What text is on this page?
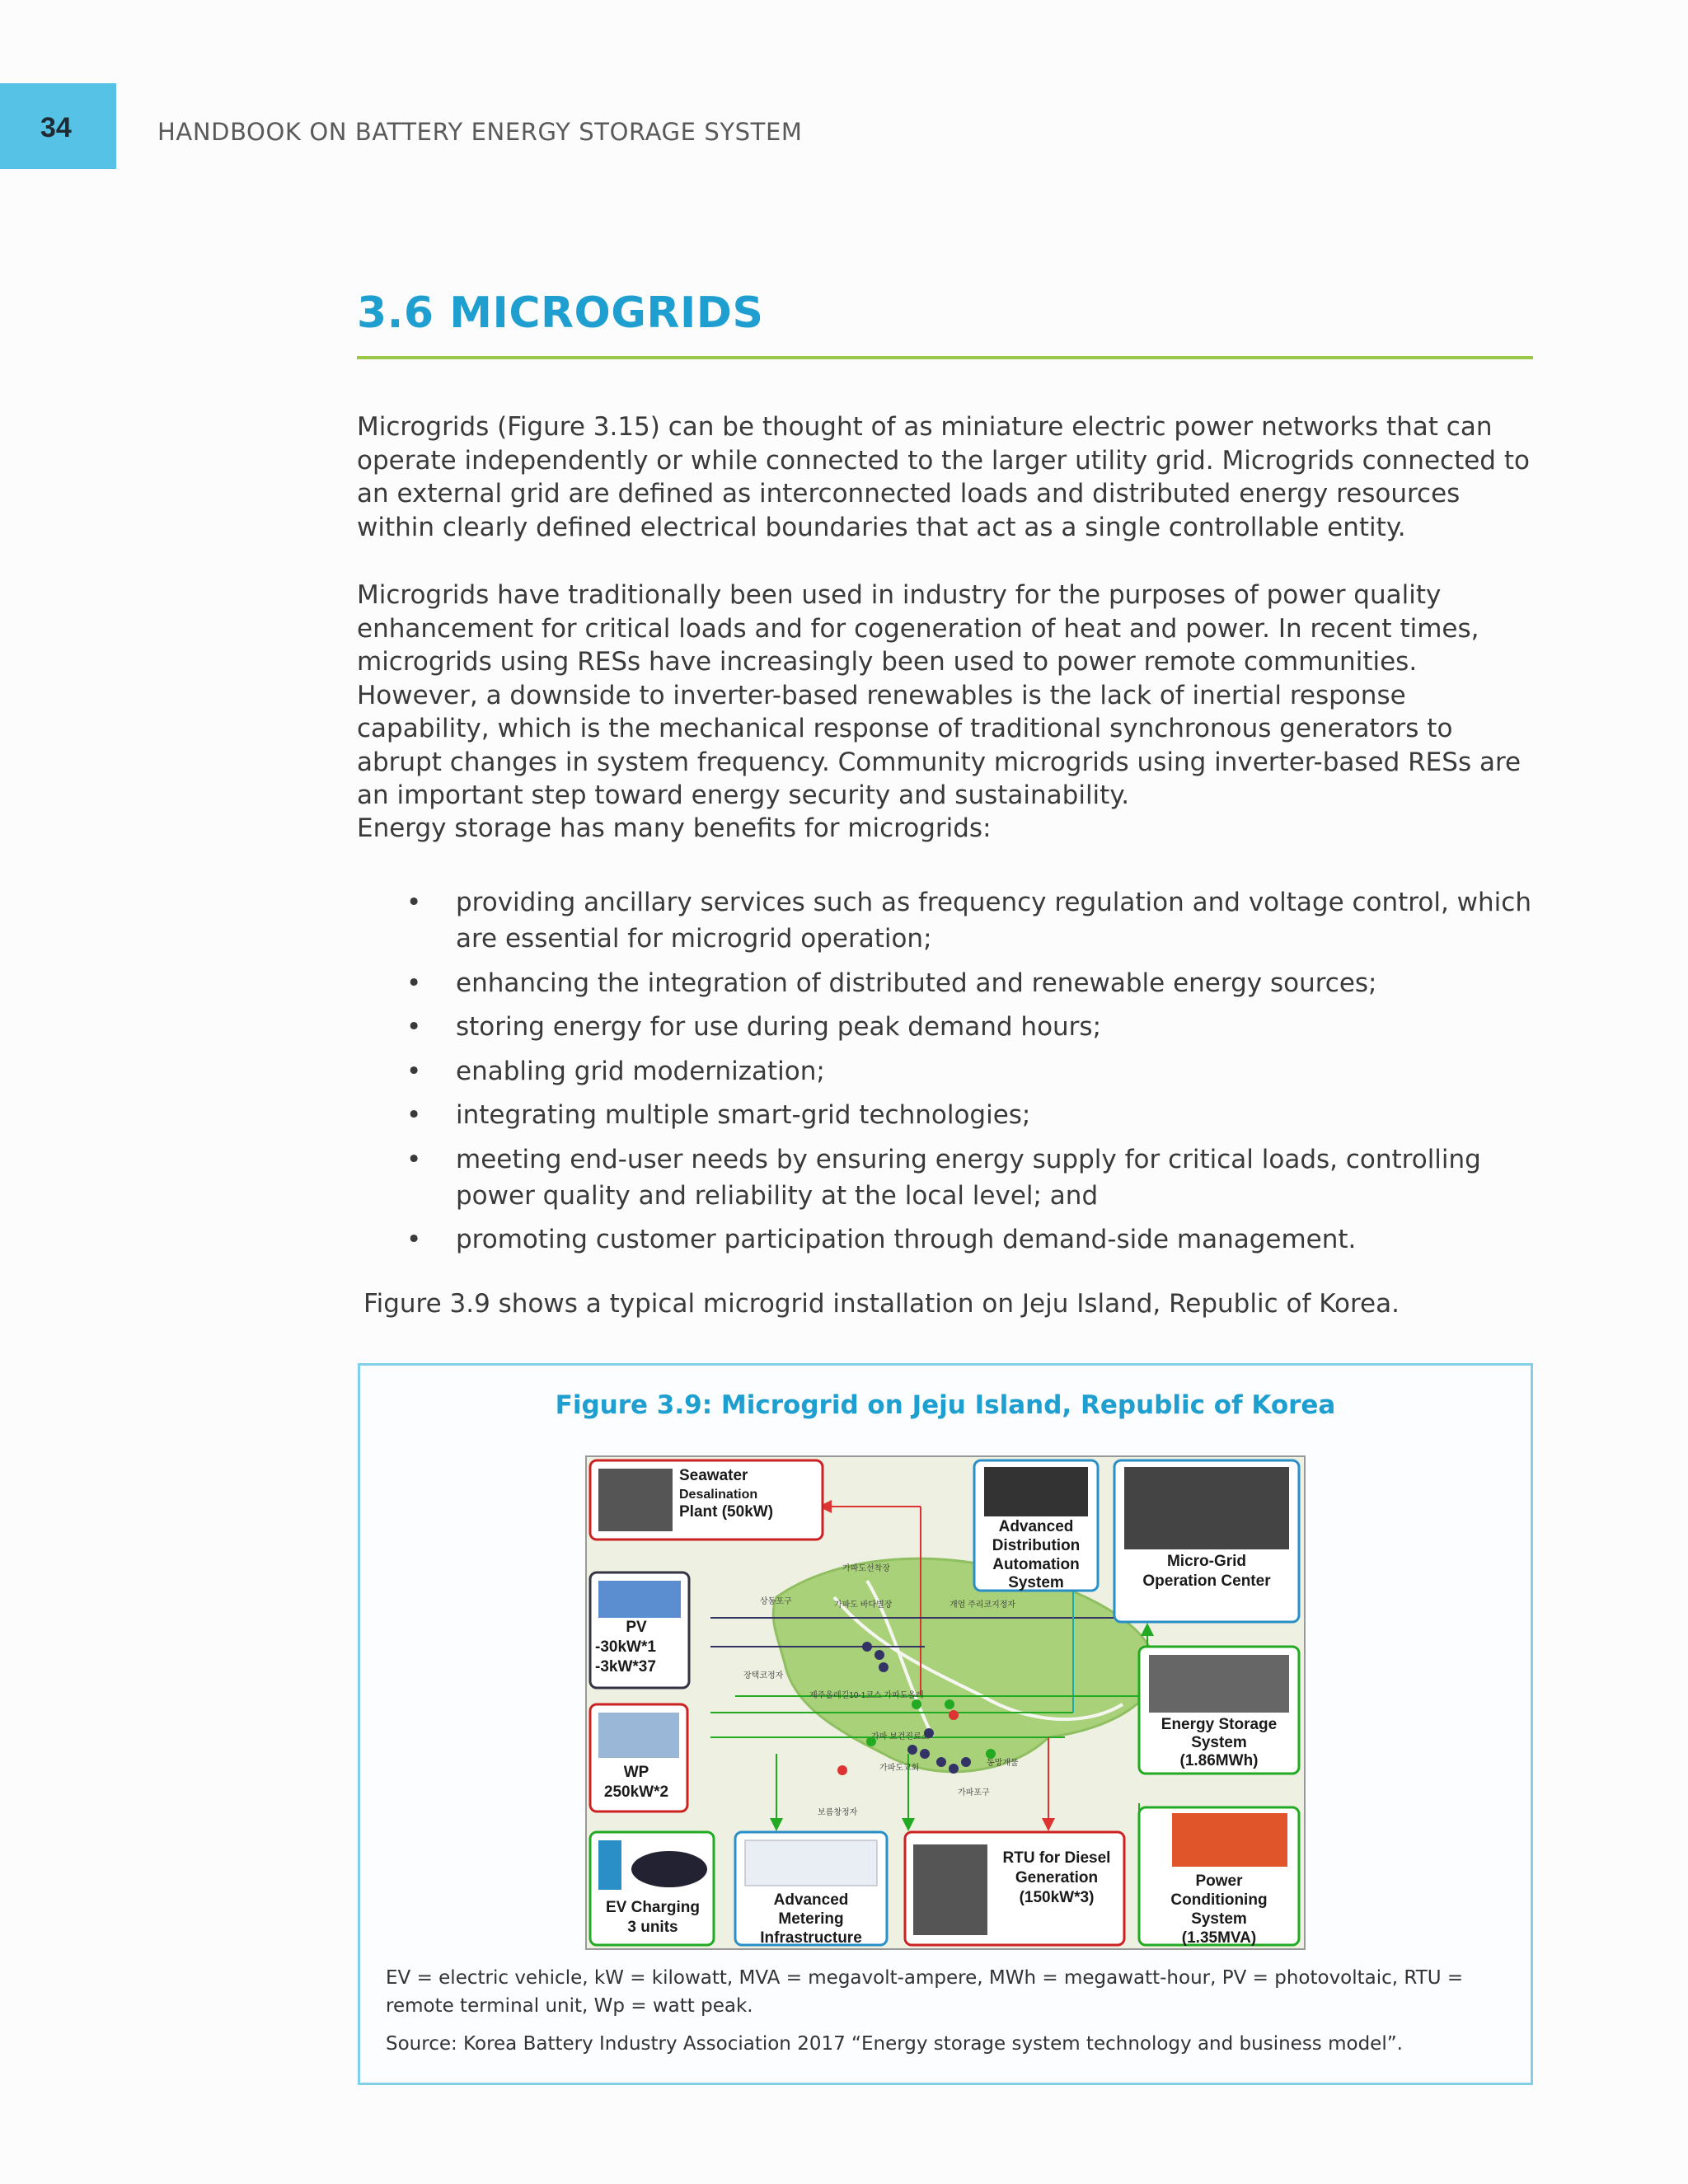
34	HANDBOOK ON BATTERY ENERGY STORAGE SYSTEM
3.6 MICROGRIDS

Microgrids (Figure 3.15) can be thought of as miniature electric power networks that can operate independently or while connected to the larger utility grid. Microgrids connected to an external grid are defined as interconnected loads and distributed energy resources within clearly defined electrical boundaries that act as a single controllable entity.

Microgrids have traditionally been used in industry for the purposes of power quality enhancement for critical loads and for cogeneration of heat and power. In recent times, microgrids using RESs have increasingly been used to power remote communities. However, a downside to inverter-based renewables is the lack of inertial response capability, which is the mechanical response of traditional synchronous generators to abrupt changes in system frequency. Community microgrids using inverter-based RESs are an important step toward energy security and sustainability.

Energy storage has many benefits for microgrids:

• providing ancillary services such as frequency regulation and voltage control, which are essential for microgrid operation;
• enhancing the integration of distributed and renewable energy sources;
• storing energy for use during peak demand hours;
• enabling grid modernization;
• integrating multiple smart-grid technologies;
• meeting end-user needs by ensuring energy supply for critical loads, controlling power quality and reliability at the local level; and
• promoting customer participation through demand-side management.

Figure 3.9 shows a typical microgrid installation on Jeju Island, Republic of Korea.

Figure 3.9: Microgrid on Jeju Island, Republic of Korea
가파도선착장
상동포구	가파도 바다별장	개엄 주리코지정자
장택코정자
제주올레길10-1코스 가파도올레
가파 보건진료소
가파도교회
동망개물
가파포구
보름창정자
Seawater
Desalination
Plant (50kW)
Advanced
Distribution
Automation
System
Micro-Grid
Operation Center
PV
-30kW*1
-3kW*37
WP
250kW*2
Energy Storage
System
(1.86MWh)
EV Charging
3 units
Advanced
Metering
Infrastructure
RTU for Diesel
Generation
(150kW*3)
Power
Conditioning
System
(1.35MVA)

EV = electric vehicle, kW = kilowatt, MVA = megavolt-ampere, MWh = megawatt-hour, PV = photovoltaic, RTU = remote terminal unit, Wp = watt peak.

Source: Korea Battery Industry Association 2017 “Energy storage system technology and business model”.
